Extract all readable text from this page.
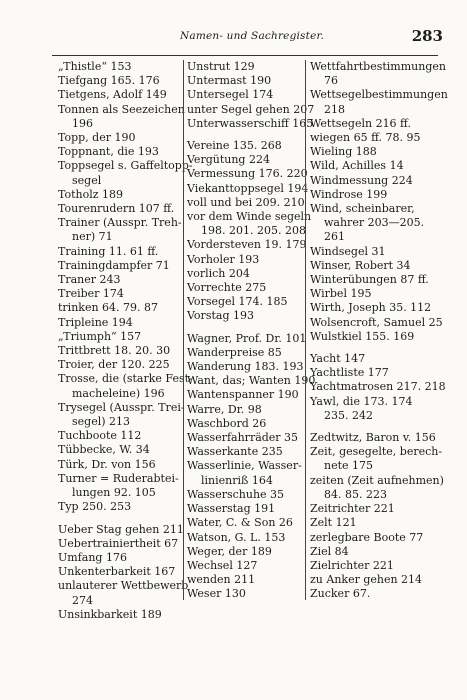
Namen- und Sachregister.	283
„Thistle“ 153
Tiefgang 165. 176
Tietgens, Adolf 149
Tonnen als Seezeichen
196
Topp, der 190
Toppnant, die 193
Toppsegel s. Gaffeltopp-
segel
Totholz 189
Tourenrudern 107 ff.
Trainer (Ausspr. Treh-
ner) 71
Training 11. 61 ff.
Trainingdampfer 71
Traner 243
Treiber 174
trinken 64. 79. 87
Tripleine 194
„Triumph“ 157
Trittbrett 18. 20. 30
Troier, der 120. 225
Trosse, die (starke Fest-
macheleine) 196
Trysegel (Ausspr. Trei-
segel) 213
Tuchboote 112
Tübbecke, W. 34
Türk, Dr. von 156
Turner = Ruderabtei-
lungen 92. 105
Typ 250. 253
Ueber Stag gehen 211
Uebertrainiertheit 67
Umfang 176
Unkenterbarkeit 167
unlauterer Wettbewerb
274
Unsinkbarkeit 189
Unstrut 129
Untermast 190
Untersegel 174
unter Segel gehen 207
Unterwasserschiff 165
Vereine 135. 268
Vergütung 224
Vermessung 176. 220
Viekanttoppsegel 194
voll und bei 209. 210
vor dem Winde segeln
198. 201. 205. 208
Vordersteven 19. 179
Vorholer 193
vorlich 204
Vorrechte 275
Vorsegel 174. 185
Vorstag 193
Wagner, Prof. Dr. 101
Wanderpreise 85
Wanderung 183. 193
Want, das; Wanten 190
Wantenspanner 190
Warre, Dr. 98
Waschbord 26
Wasserfahrräder 35
Wasserkante 235
Wasserlinie, Wasser-
linienriß 164
Wasserschuhe 35
Wasserstag 191
Water, C. & Son 26
Watson, G. L. 153
Weger, der 189
Wechsel 127
wenden 211
Weser 130
Wettfahrtbestimmungen
76
Wettsegelbestimmungen
218
Wettsegeln 216 ff.
wiegen 65 ff. 78. 95
Wieling 188
Wild, Achilles 14
Windmessung 224
Windrose 199
Wind, scheinbarer,
wahrer 203—205.
261
Windsegel 31
Winser, Robert 34
Winterübungen 87 ff.
Wirbel 195
Wirth, Joseph 35. 112
Wolsencroft, Samuel 25
Wulstkiel 155. 169
Yacht 147
Yachtliste 177
Yachtmatrosen 217. 218
Yawl, die 173. 174
235. 242
Zedtwitz, Baron v. 156
Zeit, gesegelte, berech-
nete 175
zeiten (Zeit aufnehmen)
84. 85. 223
Zeitrichter 221
Zelt 121
zerlegbare Boote 77
Ziel 84
Zielrichter 221
zu Anker gehen 214
Zucker 67.
